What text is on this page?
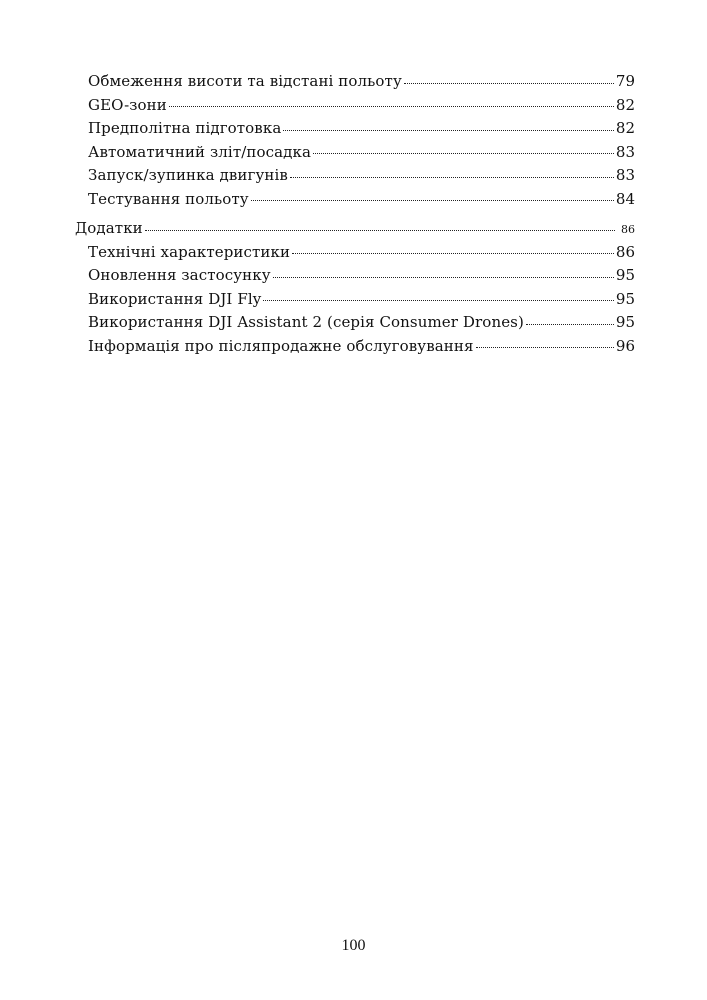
Обмеження висоти та відстані польоту	79
GEO-зони	82
Предполітна підготовка	82
Автоматичний зліт/посадка	83
Запуск/зупинка двигунів	83
Тестування польоту	84
Додатки	86
Технічні характеристики	86
Оновлення застосунку	95
Використання DJI Fly	95
Використання DJI Assistant 2 (серія Consumer Drones)	95
Інформація про післяпродажне обслуговування	96
100
